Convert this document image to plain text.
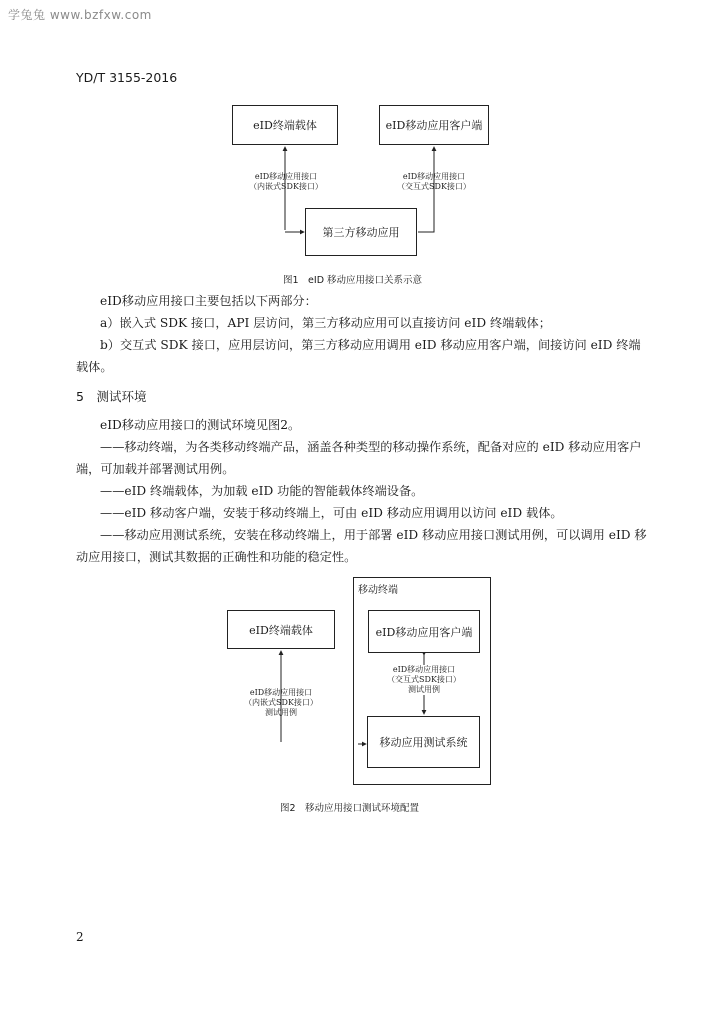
学兔兔 www.bzfxw.com
YD/T 3155-2016
eID终端载体	eID移动应用客户端
第三方移动应用
eID移动应用接口
（内嵌式SDK接口）
eID移动应用接口
（交互式SDK接口）
图1　eID 移动应用接口关系示意

eID移动应用接口主要包括以下两部分：

a）嵌入式 SDK 接口，API 层访问，第三方移动应用可以直接访问 eID 终端载体；

b）交互式 SDK 接口，应用层访问，第三方移动应用调用 eID 移动应用客户端，间接访问 eID 终端

载体。

5　测试环境

eID移动应用接口的测试环境见图2。

——移动终端，为各类移动终端产品，涵盖各种类型的移动操作系统，配备对应的 eID 移动应用客户端，可加载并部署测试用例。

——eID 终端载体，为加载 eID 功能的智能载体终端设备。

——eID 移动客户端，安装于移动终端上，可由 eID 移动应用调用以访问 eID 载体。

——移动应用测试系统，安装在移动终端上，用于部署 eID 移动应用接口测试用例，可以调用 eID 移动应用接口，测试其数据的正确性和功能的稳定性。

移动终端
eID终端载体	eID移动应用客户端
移动应用测试系统
eID移动应用接口
（内嵌式SDK接口）
测试用例
eID移动应用接口
（交互式SDK接口）
测试用例
图2　移动应用接口测试环境配置
2
